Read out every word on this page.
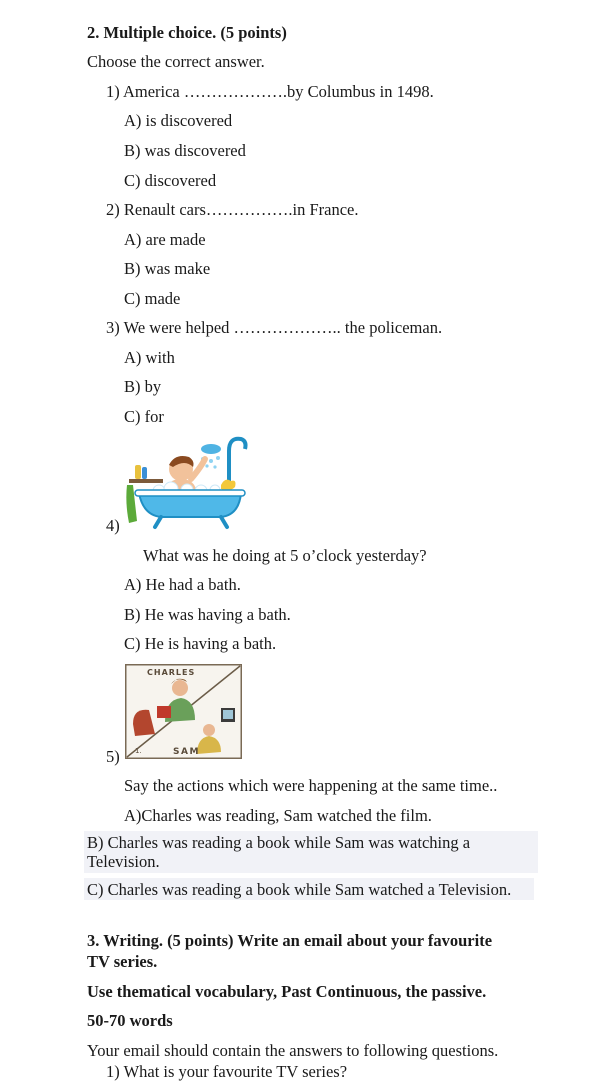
2. Multiple choice. (5 points)
Choose the correct answer.
1) America ……………….by Columbus in 1498.
A) is discovered
B) was discovered
C) discovered
2) Renault cars…………….in France.
A) are made
B) was make
C) made
3) We were helped ……………….. the policeman.
A) with
B) by
C) for
4)
What was he doing at 5 o’clock yesterday?
A) He had a bath.
B) He was having a bath.
C) He is having a bath.
CHARLES
1.	SAM
5)
Say the actions which were happening at the same time..
A)Charles was reading, Sam watched the film.
B) Charles was reading a book while Sam was watching a
Television.
C) Charles was reading a book while Sam watched a Television.
3. Writing. (5 points) Write an email about your favourite
TV series.
Use thematical vocabulary, Past Continuous, the passive.
50-70 words
Your email should contain the answers to following questions.
1) What is your favourite TV series?
